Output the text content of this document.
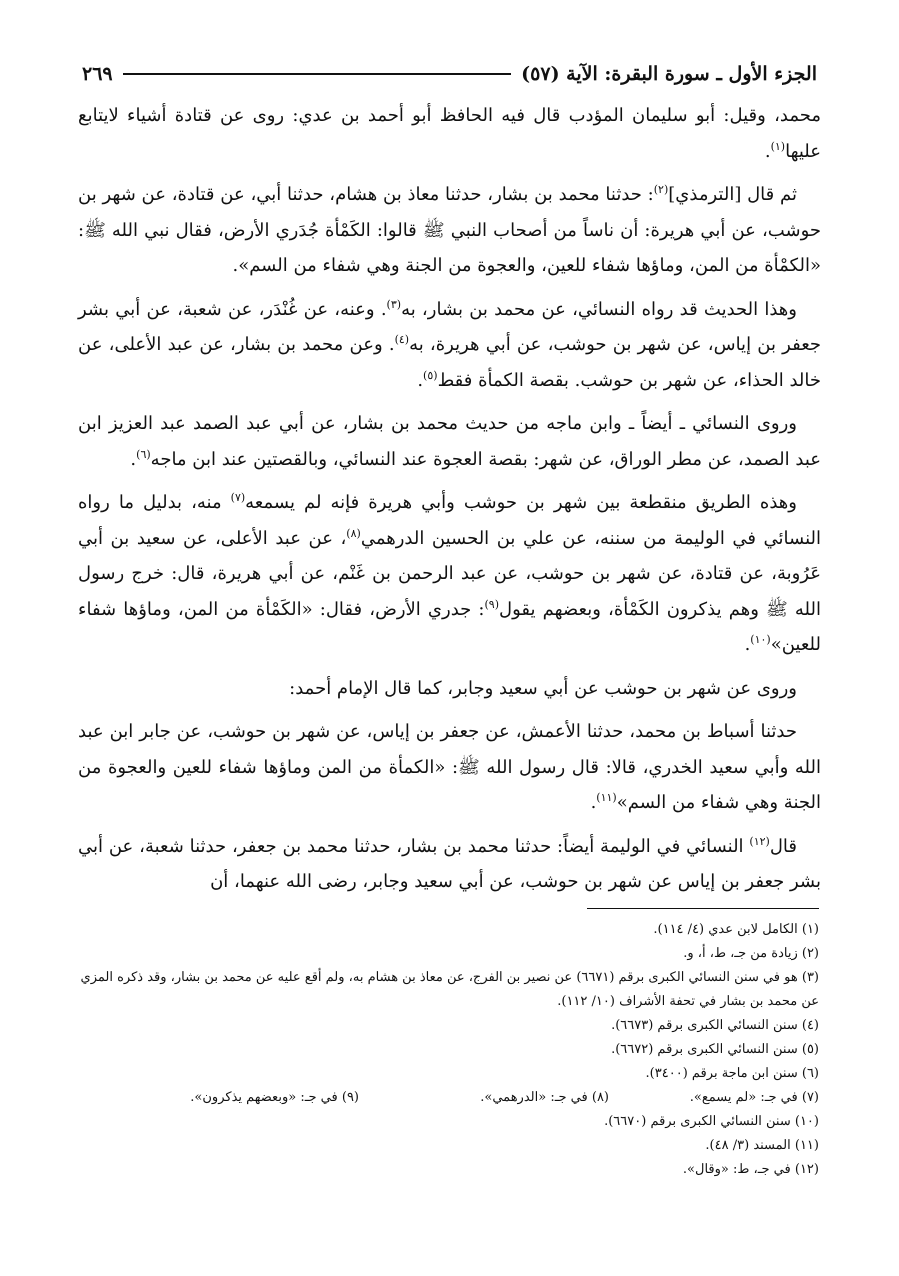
الجزء الأول ـ سورة البقرة: الآية (٥٧)
٢٦٩

محمد، وقيل: أبو سليمان المؤدب قال فيه الحافظ أبو أحمد بن عدي: روى عن قتادة أشياء لايتابع عليها$^{(١)}$.

ثم قال [الترمذي]$^{(٢)}$: حدثنا محمد بن بشار، حدثنا معاذ بن هشام، حدثنا أبي، عن قتادة، عن شهر بن حوشب، عن أبي هريرة: أن ناساً من أصحاب النبي ﷺ قالوا: الكَمْأة جُدَري الأرض، فقال نبي الله ﷺ: «الكمْأة من المن، وماؤها شفاء للعين، والعجوة من الجنة وهي شفاء من السم».

وهذا الحديث قد رواه النسائي، عن محمد بن بشار، به$^{(٣)}$. وعنه، عن غُنْدَر، عن شعبة، عن أبي بشر جعفر بن إياس، عن شهر بن حوشب، عن أبي هريرة، به$^{(٤)}$. وعن محمد بن بشار، عن عبد الأعلى، عن خالد الحذاء، عن شهر بن حوشب. بقصة الكمأة فقط$^{(٥)}$.

وروى النسائي ـ أيضاً ـ وابن ماجه من حديث محمد بن بشار، عن أبي عبد الصمد عبد العزيز ابن عبد الصمد، عن مطر الوراق، عن شهر: بقصة العجوة عند النسائي، وبالقصتين عند ابن ماجه$^{(٦)}$.

وهذه الطريق منقطعة بين شهر بن حوشب وأبي هريرة فإنه لم يسمعه$^{(٧)}$ منه، بدليل ما رواه النسائي في الوليمة من سننه، عن علي بن الحسين الدرهمي$^{(٨)}$، عن عبد الأعلى، عن سعيد بن أبي عَرُوبة، عن قتادة، عن شهر بن حوشب، عن عبد الرحمن بن غَنْم، عن أبي هريرة، قال: خرج رسول الله ﷺ وهم يذكرون الكَمْأة، وبعضهم يقول$^{(٩)}$: جدري الأرض، فقال: «الكَمْأة من المن، وماؤها شفاء للعين»$^{(١٠)}$.

وروى عن شهر بن حوشب عن أبي سعيد وجابر، كما قال الإمام أحمد:

حدثنا أسباط بن محمد، حدثنا الأعمش، عن جعفر بن إياس، عن شهر بن حوشب، عن جابر ابن عبد الله وأبي سعيد الخدري، قالا: قال رسول الله ﷺ: «الكمأة من المن وماؤها شفاء للعين والعجوة من الجنة وهي شفاء من السم»$^{(١١)}$.

قال$^{(١٢)}$ النسائي في الوليمة أيضاً: حدثنا محمد بن بشار، حدثنا محمد بن جعفر، حدثنا شعبة، عن أبي بشر جعفر بن إياس عن شهر بن حوشب، عن أبي سعيد وجابر، رضى الله عنهما، أن

(١) الكامل لابن عدي (٤/ ١١٤).

(٢) زيادة من جـ، ط، أ، و.

(٣) هو في سنن النسائي الكبرى برقم (٦٦٧١) عن نصير بن الفرج، عن معاذ بن هشام به، ولم أقع عليه عن محمد بن بشار، وقد ذكره المزي عن محمد بن بشار في تحفة الأشراف (١٠/ ١١٢).

(٤) سنن النسائي الكبرى برقم (٦٦٧٣).

(٥) سنن النسائي الكبرى برقم (٦٦٧٢).

(٦) سنن ابن ماجة برقم (٣٤٠٠).

(٧) في جـ: «لم يسمع».
(٨) في جـ: «الدرهمي».
(٩) في جـ: «وبعضهم يذكرون».

(١٠) سنن النسائي الكبرى برقم (٦٦٧٠).

(١١) المسند (٣/ ٤٨).

(١٢) في جـ، ط: «وقال».
